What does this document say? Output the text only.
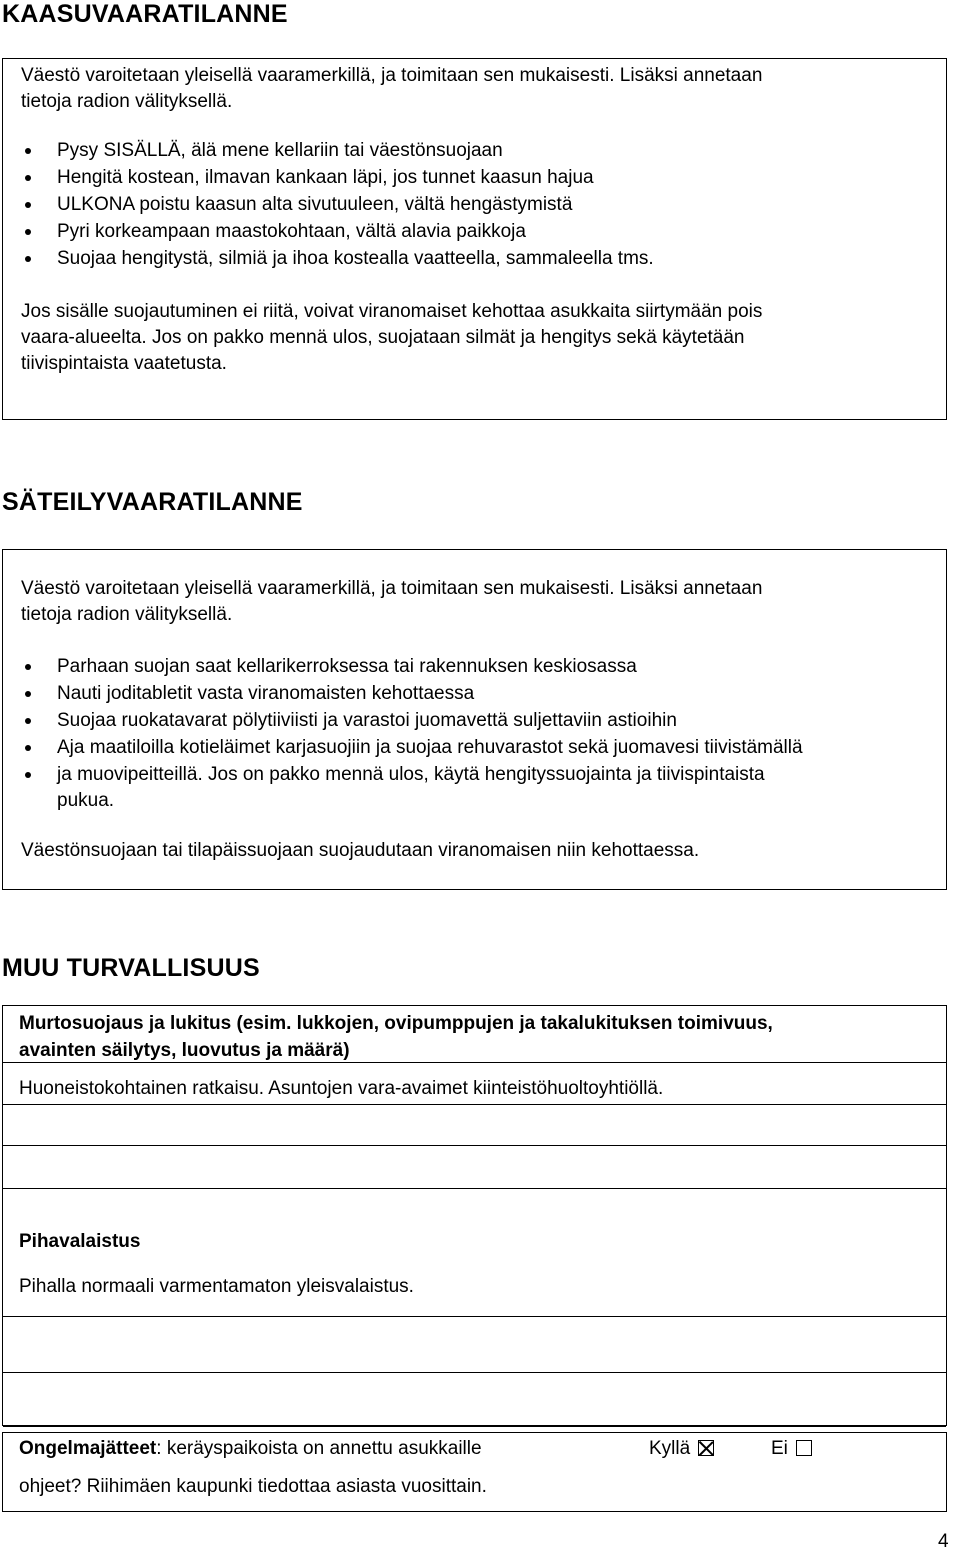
KAASUVAARATILANNE
Väestö varoitetaan yleisellä vaaramerkillä, ja toimitaan sen mukaisesti. Lisäksi annetaan
tietoja radion välityksellä.
Pysy SISÄLLÄ, älä mene kellariin tai väestönsuojaan
Hengitä kostean, ilmavan kankaan läpi, jos tunnet kaasun hajua
ULKONA poistu kaasun alta sivutuuleen, vältä hengästymistä
Pyri korkeampaan maastokohtaan, vältä alavia paikkoja
Suojaa hengitystä, silmiä ja ihoa kostealla vaatteella, sammaleella tms.
Jos sisälle suojautuminen ei riitä, voivat viranomaiset kehottaa asukkaita siirtymään pois
vaara-alueelta. Jos on pakko mennä ulos, suojataan silmät ja hengitys sekä käytetään
tiivispintaista vaatetusta.
SÄTEILYVAARATILANNE
Väestö varoitetaan yleisellä vaaramerkillä, ja toimitaan sen mukaisesti. Lisäksi annetaan
tietoja radion välityksellä.
Parhaan suojan saat kellarikerroksessa tai rakennuksen keskiosassa
Nauti joditabletit vasta viranomaisten kehottaessa
Suojaa ruokatavarat pölytiiviisti ja varastoi juomavettä suljettaviin astioihin
Aja maatiloilla kotieläimet karjasuojiin ja suojaa rehuvarastot sekä juomavesi tiivistämällä
ja muovipeitteillä. Jos on pakko mennä ulos, käytä hengityssuojainta ja tiivispintaista
pukua.
Väestönsuojaan tai tilapäissuojaan suojaudutaan viranomaisen niin kehottaessa.
MUU TURVALLISUUS
Murtosuojaus ja lukitus (esim. lukkojen, ovipumppujen ja takalukituksen toimivuus,
avainten säilytys, luovutus ja määrä)
Huoneistokohtainen ratkaisu. Asuntojen vara-avaimet kiinteistöhuoltoyhtiöllä.
Pihavalaistus
Pihalla normaali varmentamaton yleisvalaistus.
Ongelmajätteet: keräyspaikoista on annettu asukkaille	Kyllä	Ei
ohjeet? Riihimäen kaupunki tiedottaa asiasta vuosittain.
4
